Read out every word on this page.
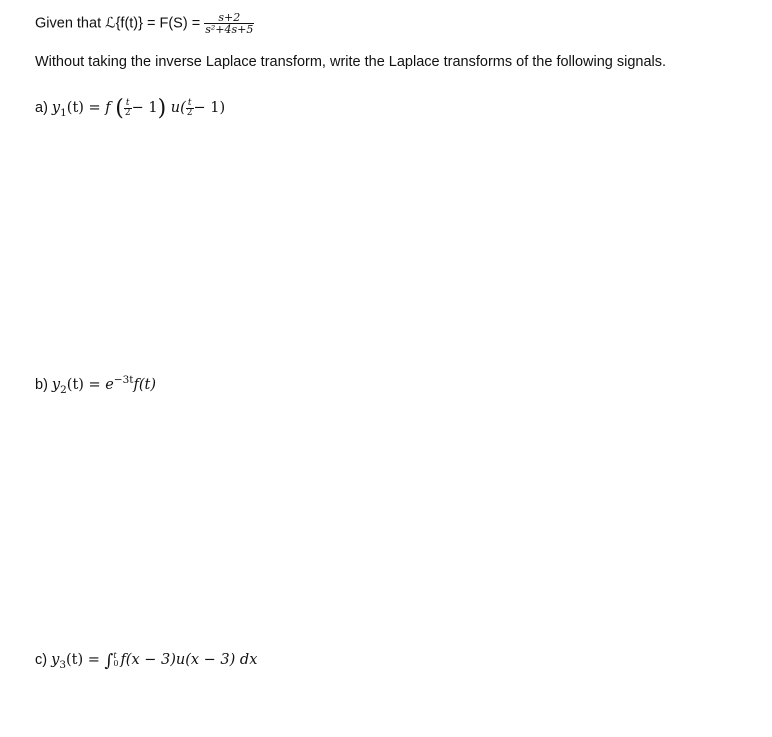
Given that ℒ{f(t)} = $F(S) = \frac{s+2}{\text{s²+4s+5}}$
Without taking the inverse Laplace transform, write the Laplace transforms of the following signals.
a) $y_1(t) = f$ ( $\frac{t}{2} - 1$) $u( \frac{t}{2} - 1)$
b) $y_2(t) = e^{-3t}f(t)$
c) $y_3(t)$ = ∫ t
0 f(x − 3)u(x − 3) dx
